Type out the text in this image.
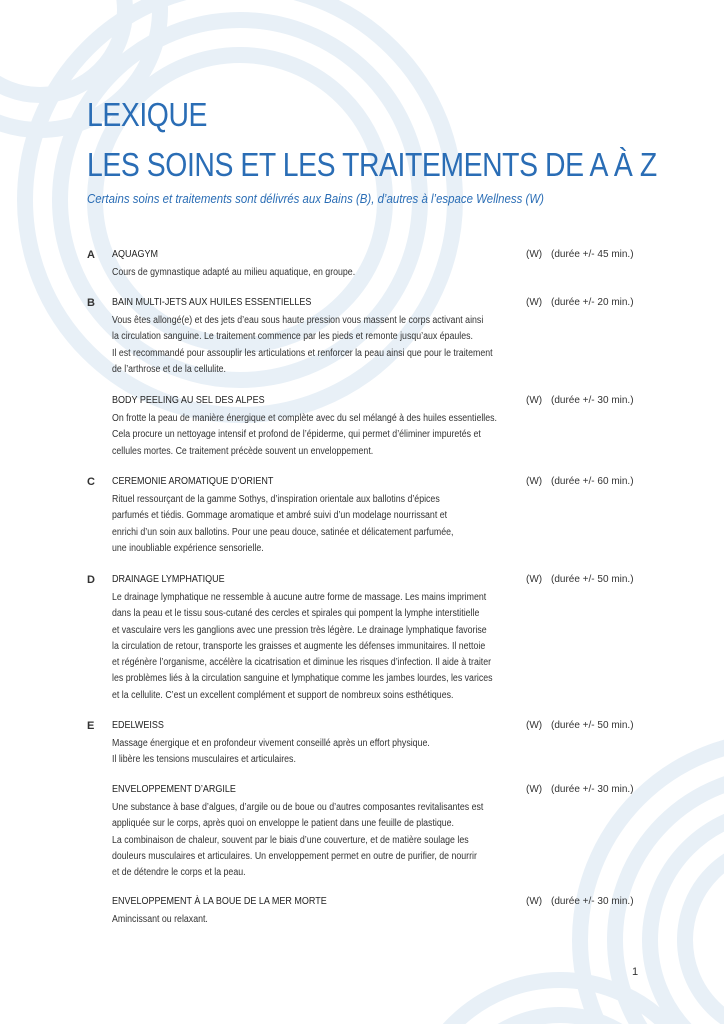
LEXIQUE
LES SOINS ET LES TRAITEMENTS DE A À Z

Certains soins et traitements sont délivrés aux Bains (B), d’autres à l’espace Wellness (W)

A AQUAGYM	(W) (durée +/- 45 min.)

Cours de gymnastique adapté au milieu aquatique, en groupe.

B BAIN MULTI-JETS AUX HUILES ESSENTIELLES	(W) (durée +/- 20 min.)

Vous êtes allongé(e) et des jets d’eau sous haute pression vous massent le corps activant ainsi
la circulation sanguine. Le traitement commence par les pieds et remonte jusqu’aux épaules.
Il est recommandé pour assouplir les articulations et renforcer la peau ainsi que pour le traitement
de l’arthrose et de la cellulite.

BODY PEELING AU SEL DES ALPES	(W) (durée +/- 30 min.)

On frotte la peau de manière énergique et complète avec du sel mélangé à des huiles essentielles.
Cela procure un nettoyage intensif et profond de l’épiderme, qui permet d’éliminer impuretés et
cellules mortes. Ce traitement précède souvent un enveloppement.

C CEREMONIE AROMATIQUE D’ORIENT	(W) (durée +/- 60 min.)

Rituel ressourçant de la gamme Sothys, d’inspiration orientale aux ballotins d’épices
parfumés et tiédis. Gommage aromatique et ambré suivi d’un modelage nourrissant et
enrichi d’un soin aux ballotins. Pour une peau douce, satinée et délicatement parfumée,
une inoubliable expérience sensorielle.

D DRAINAGE LYMPHATIQUE	(W) (durée +/- 50 min.)

Le drainage lymphatique ne ressemble à aucune autre forme de massage. Les mains impriment
dans la peau et le tissu sous-cutané des cercles et spirales qui pompent la lymphe interstitielle
et vasculaire vers les ganglions avec une pression très légère. Le drainage lymphatique favorise
la circulation de retour, transporte les graisses et augmente les défenses immunitaires. Il nettoie
et régénère l’organisme, accélère la cicatrisation et diminue les risques d’infection. Il aide à traiter
les problèmes liés à la circulation sanguine et lymphatique comme les jambes lourdes, les varices
et la cellulite. C’est un excellent complément et support de nombreux soins esthétiques.

E EDELWEISS	(W) (durée +/- 50 min.)

Massage énergique et en profondeur vivement conseillé après un effort physique.
Il libère les tensions musculaires et articulaires.

ENVELOPPEMENT D’ARGILE	(W) (durée +/- 30 min.)

Une substance à base d’algues, d’argile ou de boue ou d’autres composantes revitalisantes est
appliquée sur le corps, après quoi on enveloppe le patient dans une feuille de plastique.
La combinaison de chaleur, souvent par le biais d’une couverture, et de matière soulage les
douleurs musculaires et articulaires. Un enveloppement permet en outre de purifier, de nourrir
et de détendre le corps et la peau.

ENVELOPPEMENT À LA BOUE DE LA MER MORTE	(W) (durée +/- 30 min.)

Amincissant ou relaxant.

1
